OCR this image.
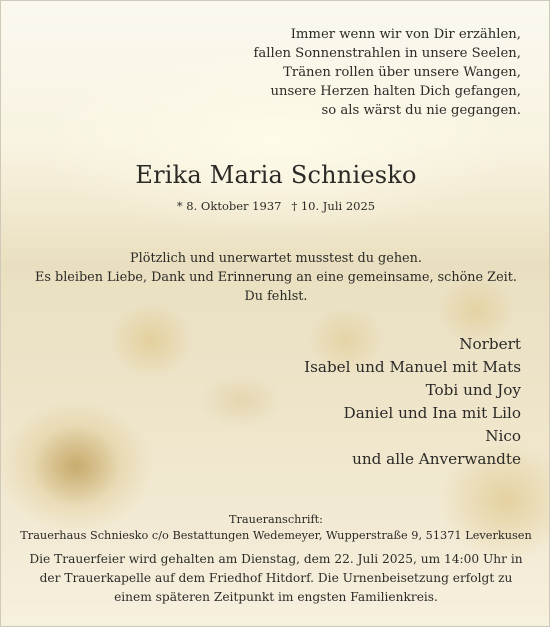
Immer wenn wir von Dir erzählen,
fallen Sonnenstrahlen in unsere Seelen,
Tränen rollen über unsere Wangen,
unsere Herzen halten Dich gefangen,
so als wärst du nie gegangen.
Erika Maria Schniesko
* 8. Oktober 1937 † 10. Juli 2025
Plötzlich und unerwartet musstest du gehen.
Es bleiben Liebe, Dank und Erinnerung an eine gemeinsame, schöne Zeit.
Du fehlst.
Norbert
Isabel und Manuel mit Mats
Tobi und Joy
Daniel und Ina mit Lilo
Nico
und alle Anverwandte
Traueranschrift:
Trauerhaus Schniesko c/o Bestattungen Wedemeyer, Wupperstraße 9, 51371 Leverkusen
Die Trauerfeier wird gehalten am Dienstag, dem 22. Juli 2025, um 14:00 Uhr in
der Trauerkapelle auf dem Friedhof Hitdorf. Die Urnenbeisetzung erfolgt zu
einem späteren Zeitpunkt im engsten Familienkreis.
